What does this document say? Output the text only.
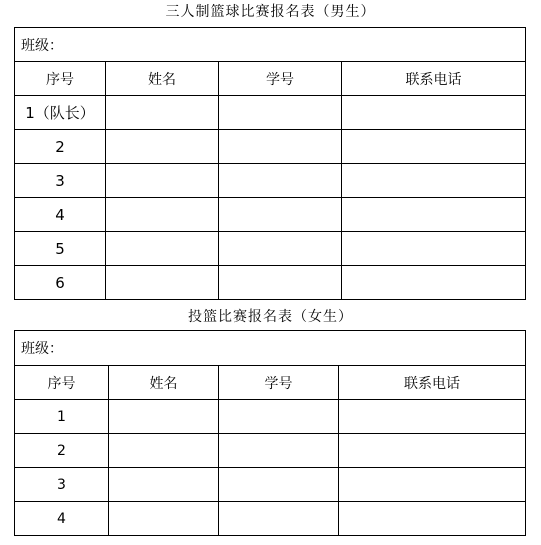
三人制篮球比赛报名表（男生）
班级：			
序号	姓名	学号	联系电话
1（队长）			
2			
3			
4			
5			
6			
投篮比赛报名表（女生）
班级：			
序号	姓名	学号	联系电话
1			
2			
3			
4			
